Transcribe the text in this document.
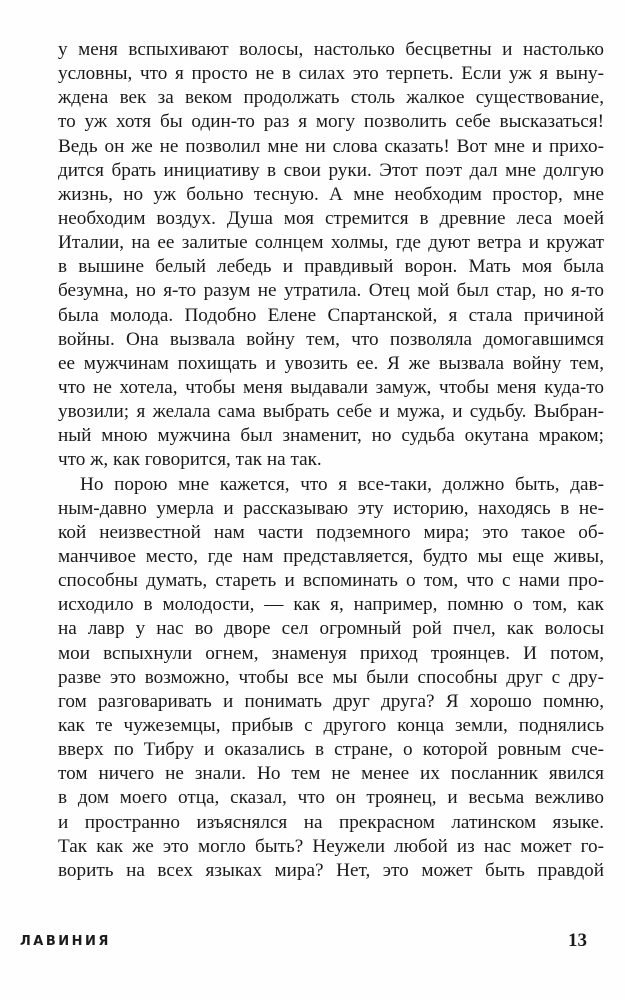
у меня вспыхивают волосы, настолько бесцветны и настолько
условны, что я просто не в силах это терпеть. Если уж я выну-
ждена век за веком продолжать столь жалкое существование,
то уж хотя бы один-то раз я могу позволить себе высказаться!
Ведь он же не позволил мне ни слова сказать! Вот мне и прихо-
дится брать инициативу в свои руки. Этот поэт дал мне долгую
жизнь, но уж больно тесную. А мне необходим простор, мне
необходим воздух. Душа моя стремится в древние леса моей
Италии, на ее залитые солнцем холмы, где дуют ветра и кружат
в вышине белый лебедь и правдивый ворон. Мать моя была
безумна, но я-то разум не утратила. Отец мой был стар, но я-то
была молода. Подобно Елене Спартанской, я стала причиной
войны. Она вызвала войну тем, что позволяла домогавшимся
ее мужчинам похищать и увозить ее. Я же вызвала войну тем,
что не хотела, чтобы меня выдавали замуж, чтобы меня куда-то
увозили; я желала сама выбрать себе и мужа, и судьбу. Выбран-
ный мною мужчина был знаменит, но судьба окутана мраком;
что ж, как говорится, так на так.
Но порою мне кажется, что я все-таки, должно быть, дав-
ным-давно умерла и рассказываю эту историю, находясь в не-
кой неизвестной нам части подземного мира; это такое об-
манчивое место, где нам представляется, будто мы еще живы,
способны думать, стареть и вспоминать о том, что с нами про-
исходило в молодости, — как я, например, помню о том, как
на лавр у нас во дворе сел огромный рой пчел, как волосы
мои вспыхнули огнем, знаменуя приход троянцев. И потом,
разве это возможно, чтобы все мы были способны друг с дру-
гом разговаривать и понимать друг друга? Я хорошо помню,
как те чужеземцы, прибыв с другого конца земли, поднялись
вверх по Тибру и оказались в стране, о которой ровным сче-
том ничего не знали. Но тем не менее их посланник явился
в дом моего отца, сказал, что он троянец, и весьма вежливо
и пространно изъяснялся на прекрасном латинском языке.
Так как же это могло быть? Неужели любой из нас может го-
ворить на всех языках мира? Нет, это может быть правдой
ЛАВИНИЯ	13
